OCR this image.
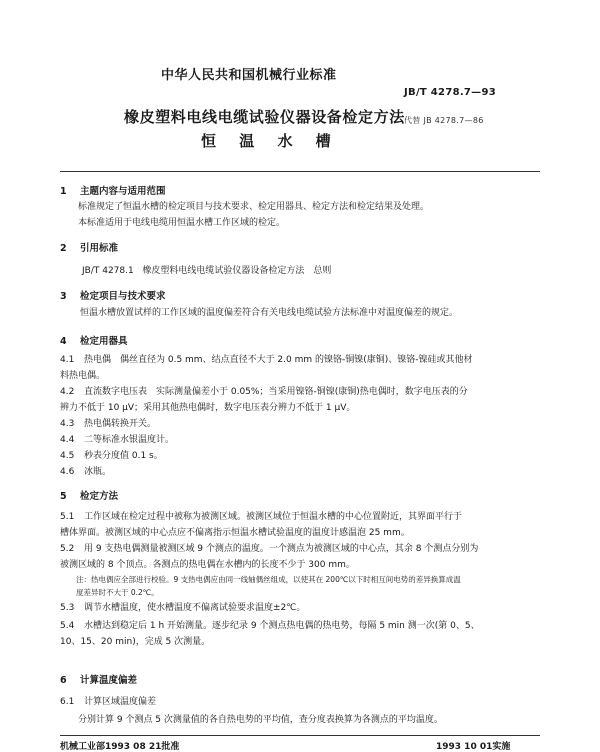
中华人民共和国机械行业标准
JB/T 4278.7—93
橡皮塑料电线电缆试验仪器设备检定方法 代替 JB 4278.7—86
恒 温 水 槽
1 主题内容与适用范围
标准规定了恒温水槽的检定项目与技术要求、检定用器具、检定方法和检定结果及处理。
本标准适用于电线电缆用恒温水槽工作区域的检定。
2 引用标准
JB/T 4278.1 橡皮塑料电线电缆试验仪器设备检定方法　总则
3 检定项目与技术要求
恒温水槽放置试样的工作区域的温度偏差符合有关电线电缆试验方法标准中对温度偏差的规定。
4 检定用器具
4.1 热电偶　偶丝直径为 0.5 mm、结点直径不大于 2.0 mm 的镍铬-铜镍(康铜)、镍铬-镍硅或其他材
料热电偶。
4.2 直流数字电压表　实际测量偏差小于 0.05%；当采用镍铬-铜镍(康铜)热电偶时，数字电压表的分
辨力不低于 10 μV；采用其他热电偶时，数字电压表分辨力不低于 1 μV。
4.3 热电偶转换开关。
4.4 二等标准水银温度计。
4.5 秒表分度值 0.1 s。
4.6 冰瓶。
5 检定方法
5.1 工作区域在检定过程中被称为被测区域。被测区域位于恒温水槽的中心位置附近，其界面平行于
槽体界面。被测区域的中心点应不偏离指示恒温水槽试验温度的温度计感温泡 25 mm。
5.2 用 9 支热电偶测量被测区域 9 个测点的温度。一个测点为被测区域的中心点，其余 8 个测点分别为
被测区域的 8 个顶点。各测点的热电偶在水槽内的长度不少于 300 mm。
注：热电偶应全部进行校验。9 支热电偶应由同一线轴偶丝组成，以使其在 200℃以下时相互间电势的差异换算成温
度差异时不大于 0.2℃。
5.3 调节水槽温度，使水槽温度不偏离试验要求温度±2℃。
5.4 水槽达到稳定后 1 h 开始测量。逐步纪录 9 个测点热电偶的热电势，每隔 5 min 测一次(第 0、5、
10、15、20 min)，完成 5 次测量。
6 计算温度偏差
6.1 计算区域温度偏差
分别计算 9 个测点 5 次测量值的各自热电势的平均值，查分度表换算为各测点的平均温度。
机械工业部1993 08 21批准	1993 10 01实施
